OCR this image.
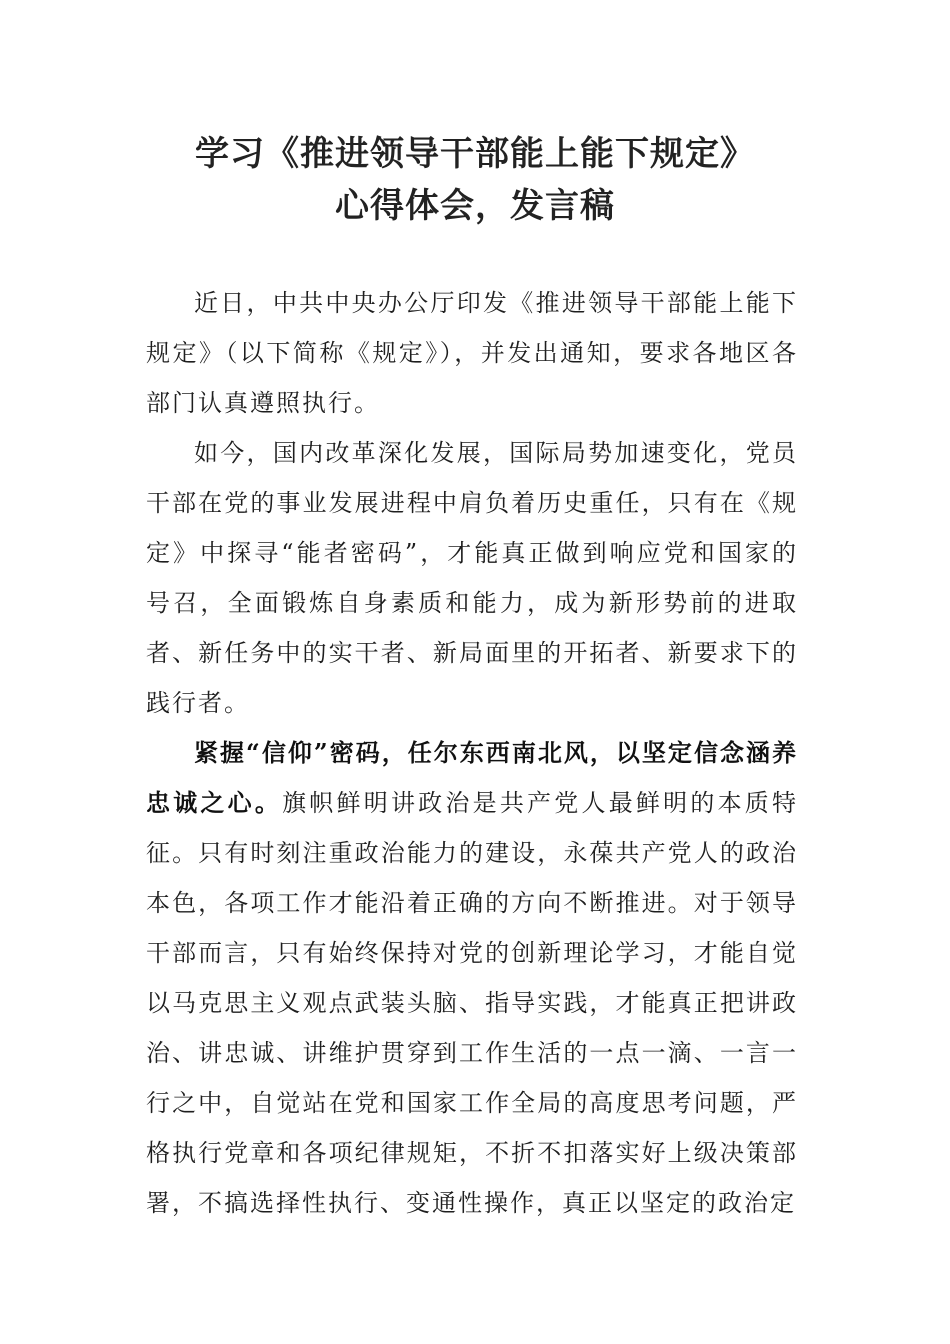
学习《推进领导干部能上能下规定》
心得体会，发言稿

近日，中共中央办公厅印发《推进领导干部能上能下规定》（以下简称《规定》），并发出通知，要求各地区各部门认真遵照执行。

如今，国内改革深化发展，国际局势加速变化，党员干部在党的事业发展进程中肩负着历史重任，只有在《规定》中探寻“能者密码”，才能真正做到响应党和国家的号召，全面锻炼自身素质和能力，成为新形势前的进取者、新任务中的实干者、新局面里的开拓者、新要求下的践行者。

紧握“信仰”密码，任尔东西南北风，以坚定信念涵养忠诚之心。旗帜鲜明讲政治是共产党人最鲜明的本质特征。只有时刻注重政治能力的建设，永葆共产党人的政治本色，各项工作才能沿着正确的方向不断推进。对于领导干部而言，只有始终保持对党的创新理论学习，才能自觉以马克思主义观点武装头脑、指导实践，才能真正把讲政治、讲忠诚、讲维护贯穿到工作生活的一点一滴、一言一行之中，自觉站在党和国家工作全局的高度思考问题，严格执行党章和各项纪律规矩，不折不扣落实好上级决策部署，不搞选择性执行、变通性操作，真正以坚定的政治定
